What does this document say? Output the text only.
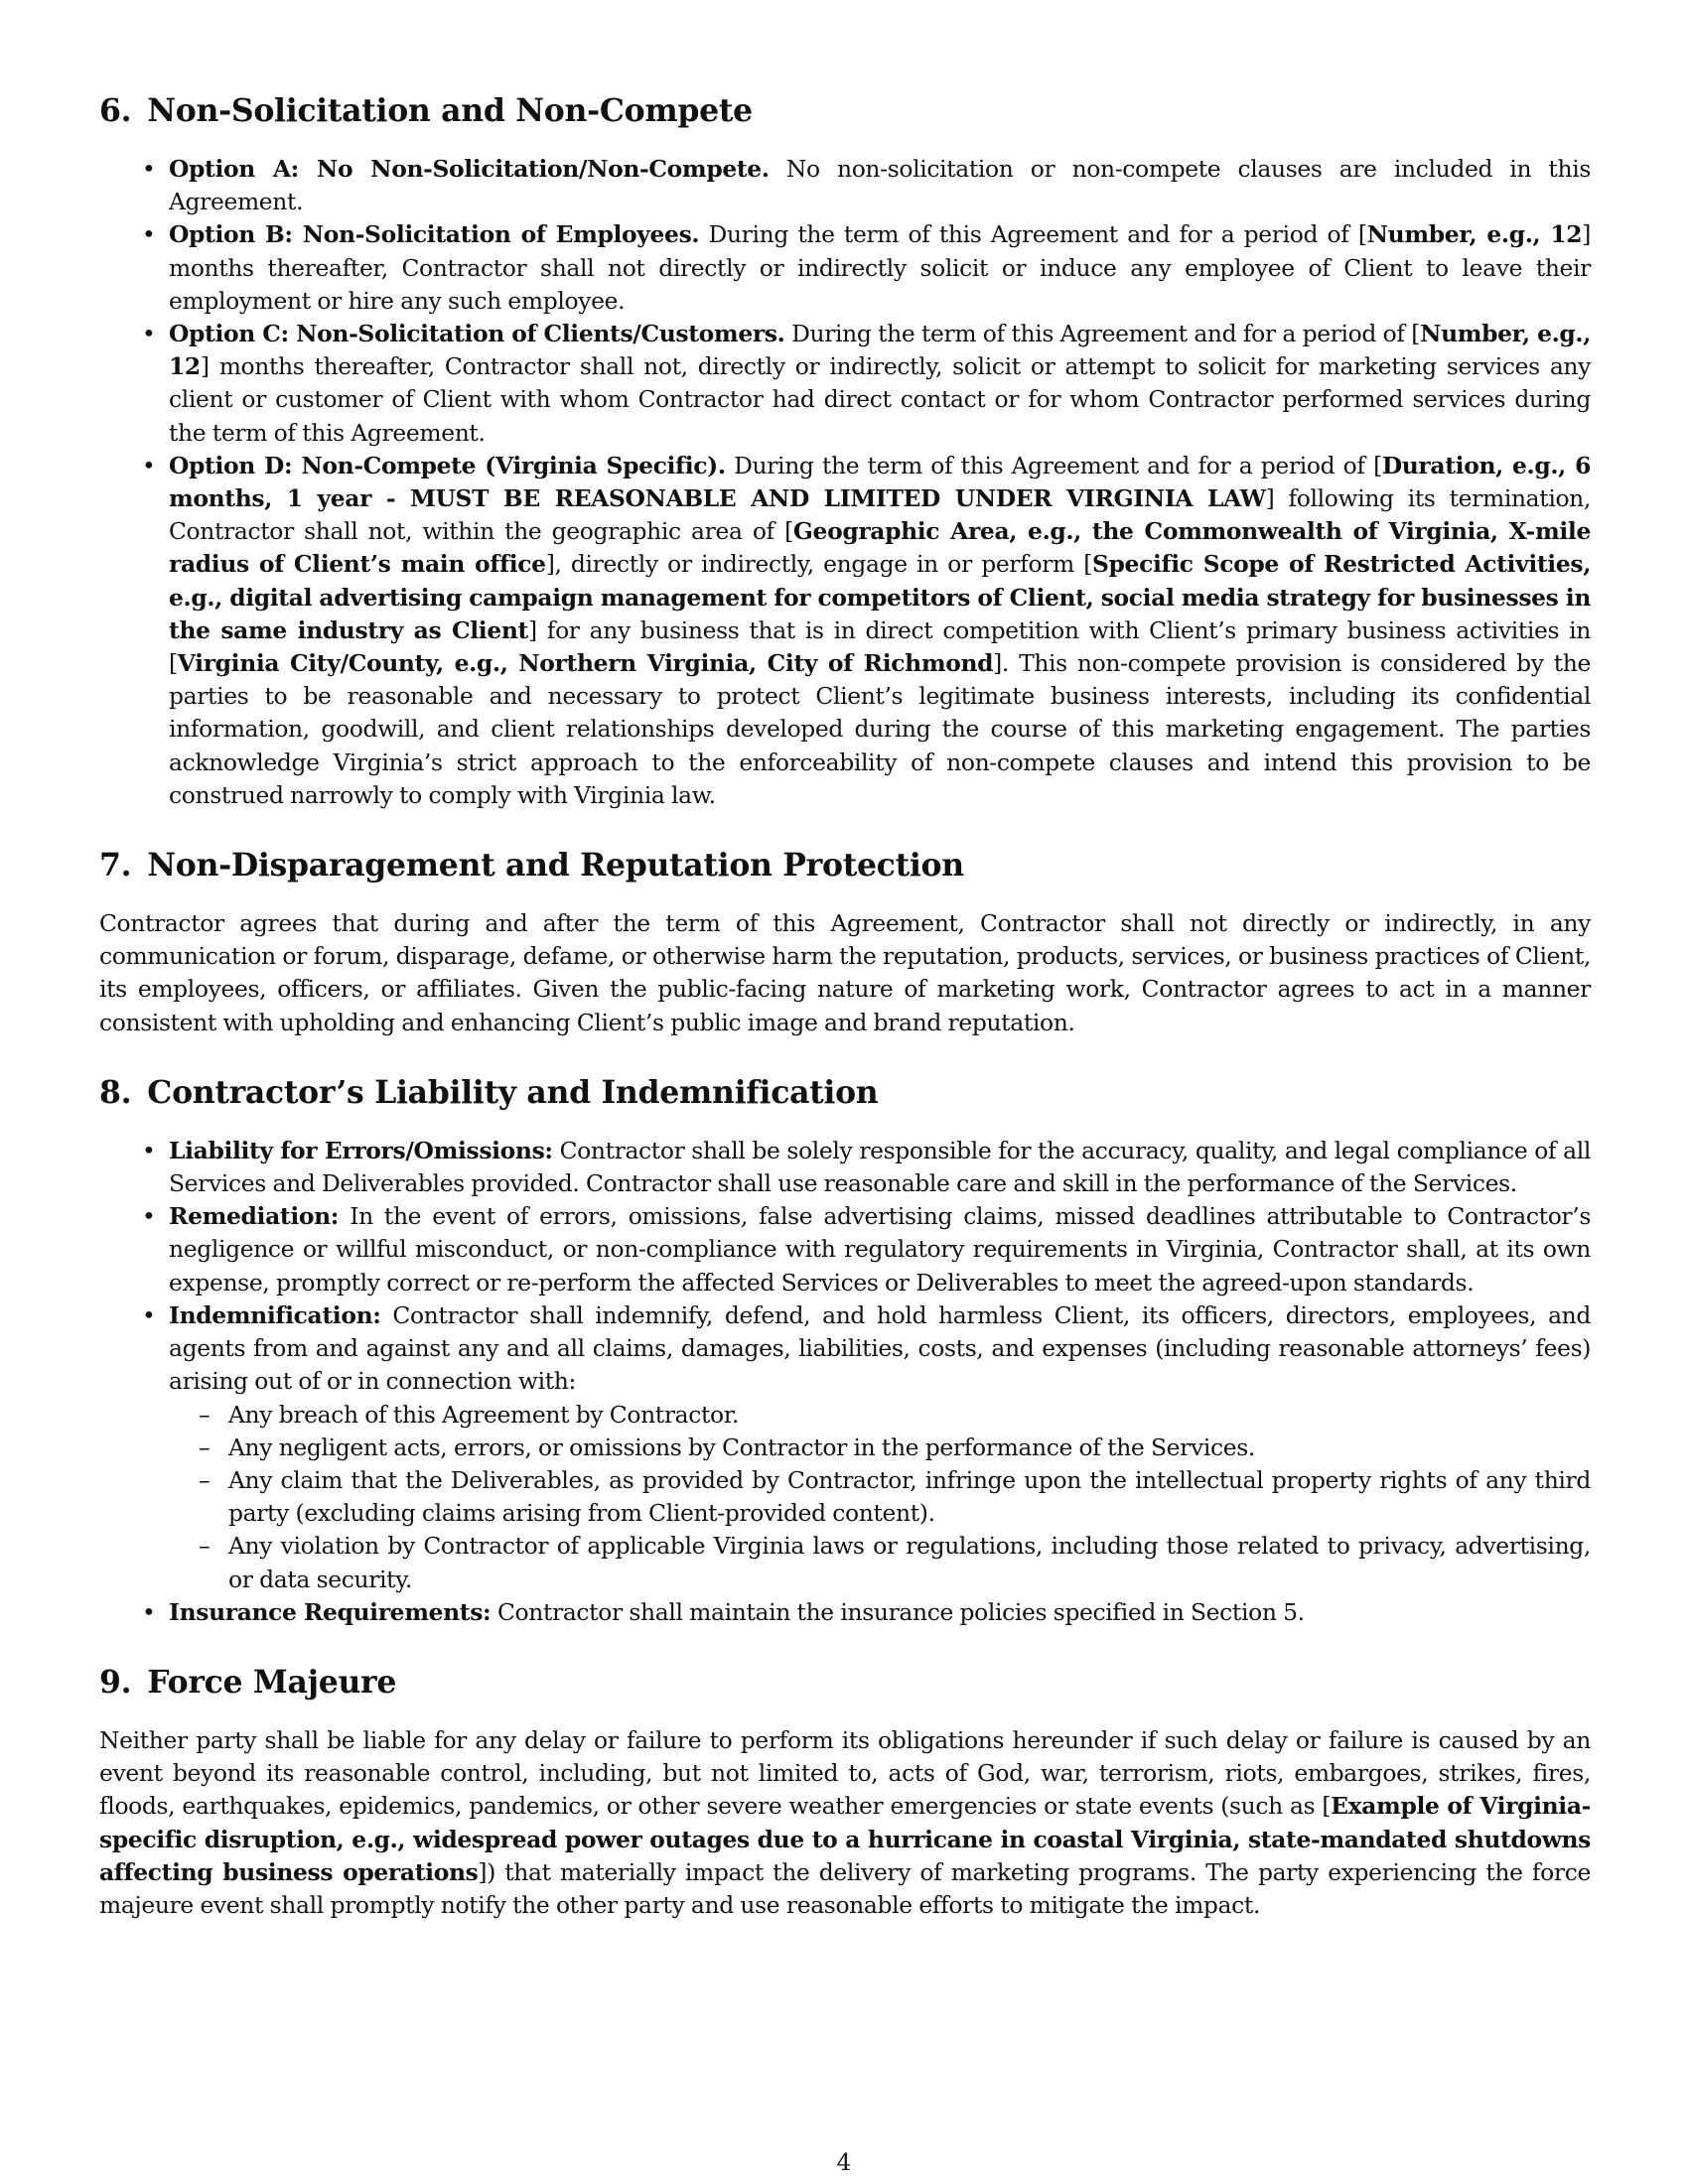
6. Non-Solicitation and Non-Compete
• Option A: No Non-Solicitation/Non-Compete. No non-solicitation or non-compete clauses are included in this Agreement.
• Option B: Non-Solicitation of Employees. During the term of this Agreement and for a period of [Number, e.g., 12] months thereafter, Contractor shall not directly or indirectly solicit or induce any employee of Client to leave their employment or hire any such employee.
• Option C: Non-Solicitation of Clients/Customers. During the term of this Agreement and for a period of [Number, e.g., 12] months thereafter, Contractor shall not, directly or indirectly, solicit or attempt to solicit for marketing services any client or customer of Client with whom Contractor had direct contact or for whom Contractor performed services during the term of this Agreement.
• Option D: Non-Compete (Virginia Specific). During the term of this Agreement and for a period of [Duration, e.g., 6 months, 1 year - MUST BE REASONABLE AND LIMITED UNDER VIRGINIA LAW] following its termination, Contractor shall not, within the geographic area of [Geographic Area, e.g., the Commonwealth of Virginia, X-mile radius of Client’s main office], directly or indirectly, engage in or perform [Specific Scope of Restricted Activities, e.g., digital advertising campaign management for competitors of Client, social media strategy for businesses in the same industry as Client] for any business that is in direct competition with Client’s primary business activities in [Virginia City/County, e.g., Northern Virginia, City of Richmond]. This non-compete provision is considered by the parties to be reasonable and necessary to protect Client’s legitimate business interests, including its confidential information, goodwill, and client relationships developed during the course of this marketing engagement. The parties acknowledge Virginia’s strict approach to the enforceability of non-compete clauses and intend this provision to be construed narrowly to comply with Virginia law.
7. Non-Disparagement and Reputation Protection

Contractor agrees that during and after the term of this Agreement, Contractor shall not directly or indirectly, in any communication or forum, disparage, defame, or otherwise harm the reputation, products, services, or business practices of Client, its employees, officers, or affiliates. Given the public-facing nature of marketing work, Contractor agrees to act in a manner consistent with upholding and enhancing Client’s public image and brand reputation.

8. Contractor’s Liability and Indemnification
• Liability for Errors/Omissions: Contractor shall be solely responsible for the accuracy, quality, and legal compliance of all Services and Deliverables provided. Contractor shall use reasonable care and skill in the performance of the Services.
• Remediation: In the event of errors, omissions, false advertising claims, missed deadlines attributable to Contractor’s negligence or willful misconduct, or non-compliance with regulatory requirements in Virginia, Contractor shall, at its own expense, promptly correct or re-perform the affected Services or Deliverables to meet the agreed-upon standards.
• Indemnification: Contractor shall indemnify, defend, and hold harmless Client, its officers, directors, employees, and agents from and against any and all claims, damages, liabilities, costs, and expenses (including reasonable attorneys’ fees) arising out of or in connection with:
– Any breach of this Agreement by Contractor.
– Any negligent acts, errors, or omissions by Contractor in the performance of the Services.
– Any claim that the Deliverables, as provided by Contractor, infringe upon the intellectual property rights of any third party (excluding claims arising from Client-provided content).
– Any violation by Contractor of applicable Virginia laws or regulations, including those related to privacy, advertising, or data security.
• Insurance Requirements: Contractor shall maintain the insurance policies specified in Section 5.
9. Force Majeure

Neither party shall be liable for any delay or failure to perform its obligations hereunder if such delay or failure is caused by an event beyond its reasonable control, including, but not limited to, acts of God, war, terrorism, riots, embargoes, strikes, fires, floods, earthquakes, epidemics, pandemics, or other severe weather emergencies or state events (such as [Example of Virginia-specific disruption, e.g., widespread power outages due to a hurricane in coastal Virginia, state-mandated shutdowns affecting business operations]) that materially impact the delivery of marketing programs. The party experiencing the force majeure event shall promptly notify the other party and use reasonable efforts to mitigate the impact.

4
